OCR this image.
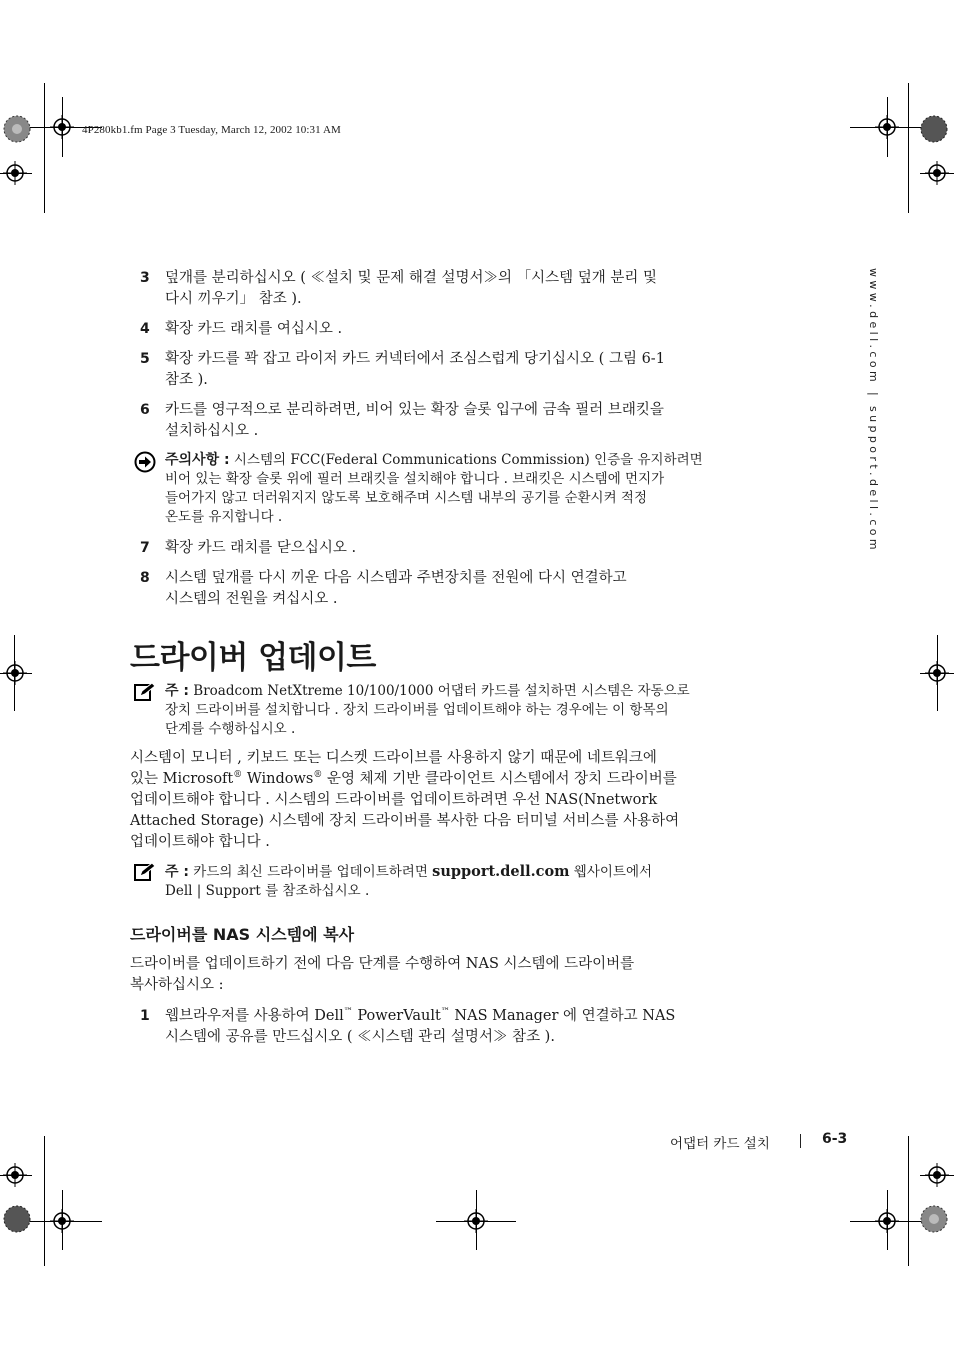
4P280kb1.fm Page 3 Tuesday, March 12, 2002 10:31 AM
www.dell.com | support.dell.com
3 덮개를 분리하십시오 ( ≪설치 및 문제 해결 설명서≫의 「시스템 덮개 분리 및
다시 끼우기」 참조 ).
4 확장 카드 래치를 여십시오 .
5 확장 카드를 꽉 잡고 라이저 카드 커넥터에서 조심스럽게 당기십시오 ( 그림 6-1
참조 ).
6 카드를 영구적으로 분리하려면, 비어 있는 확장 슬롯 입구에 금속 필러 브래킷을
설치하십시오 .
주의사항 : 시스템의 FCC(Federal Communications Commission) 인증을 유지하려면
비어 있는 확장 슬롯 위에 필러 브래킷을 설치해야 합니다 . 브래킷은 시스템에 먼지가
들어가지 않고 더러워지지 않도록 보호해주며 시스템 내부의 공기를 순환시켜 적정
온도를 유지합니다 .
7 확장 카드 래치를 닫으십시오 .
8 시스템 덮개를 다시 끼운 다음 시스템과 주변장치를 전원에 다시 연결하고
시스템의 전원을 켜십시오 .
드라이버 업데이트
주 : Broadcom NetXtreme 10/100/1000 어댑터 카드를 설치하면 시스템은 자동으로
장치 드라이버를 설치합니다 . 장치 드라이버를 업데이트해야 하는 경우에는 이 항목의
단계를 수행하십시오 .
시스템이 모니터 , 키보드 또는 디스켓 드라이브를 사용하지 않기 때문에 네트워크에
있는 Microsoft® Windows® 운영 체제 기반 클라이언트 시스템에서 장치 드라이버를
업데이트해야 합니다 . 시스템의 드라이버를 업데이트하려면 우선 NAS(Nnetwork
Attached Storage) 시스템에 장치 드라이버를 복사한 다음 터미널 서비스를 사용하여
업데이트해야 합니다 .
주 : 카드의 최신 드라이버를 업데이트하려면 support.dell.com 웹사이트에서
Dell | Support 를 참조하십시오 .
드라이버를 NAS 시스템에 복사
드라이버를 업데이트하기 전에 다음 단계를 수행하여 NAS 시스템에 드라이버를
복사하십시오 :
1 웹브라우저를 사용하여 Dell™ PowerVault™ NAS Manager 에 연결하고 NAS
시스템에 공유를 만드십시오 ( ≪시스템 관리 설명서≫ 참조 ).
어댑터 카드 설치	6-3
